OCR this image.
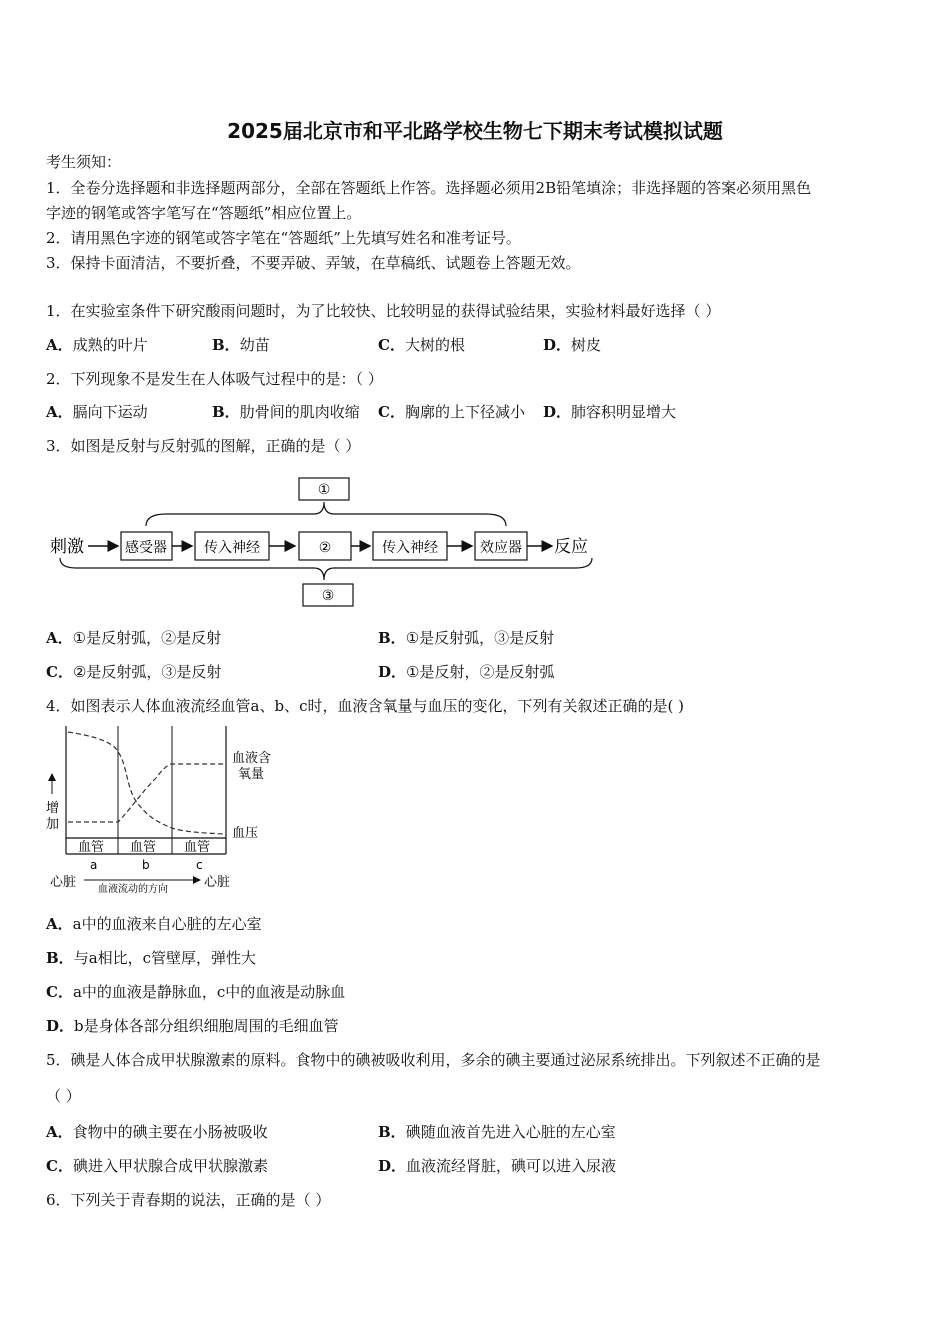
2025届北京市和平北路学校生物七下期末考试模拟试题
考生须知：
1．全卷分选择题和非选择题两部分，全部在答题纸上作答。选择题必须用2B铅笔填涂；非选择题的答案必须用黑色
字迹的钢笔或答字笔写在“答题纸”相应位置上。
2．请用黑色字迹的钢笔或答字笔在“答题纸”上先填写姓名和准考证号。
3．保持卡面清洁，不要折叠，不要弄破、弄皱，在草稿纸、试题卷上答题无效。
1．在实验室条件下研究酸雨问题时，为了比较快、比较明显的获得试验结果，实验材料最好选择（ ）
A．成熟的叶片	B．幼苗	C．大树的根	D．树皮
2．下列现象不是发生在人体吸气过程中的是：（ ）
A．膈向下运动	B．肋骨间的肌肉收缩 C．胸廓的上下径减小 D．肺容积明显增大
3．如图是反射与反射弧的图解，正确的是（ ）
①
刺激	感受器	传入神经	②	传入神经	效应器 反应
③
A．①是反射弧，②是反射	B．①是反射弧，③是反射
C．②是反射弧，③是反射	D．①是反射，②是反射弧
4．如图表示人体血液流经血管a、b、c时，血液含氧量与血压的变化，下列有关叙述正确的是( )
增
加
血液含
氧量
血压
血管 血管 血管
a	b	c
心脏 血液流动的方向	心脏
A．a中的血液来自心脏的左心室
B．与a相比，c管壁厚，弹性大
C．a中的血液是静脉血，c中的血液是动脉血
D．b是身体各部分组织细胞周围的毛细血管
5．碘是人体合成甲状腺激素的原料。食物中的碘被吸收利用，多余的碘主要通过泌尿系统排出。下列叙述不正确的是
（ ）
A．食物中的碘主要在小肠被吸收	B．碘随血液首先进入心脏的左心室
C．碘进入甲状腺合成甲状腺激素	D．血液流经肾脏，碘可以进入尿液
6．下列关于青春期的说法，正确的是（ ）
